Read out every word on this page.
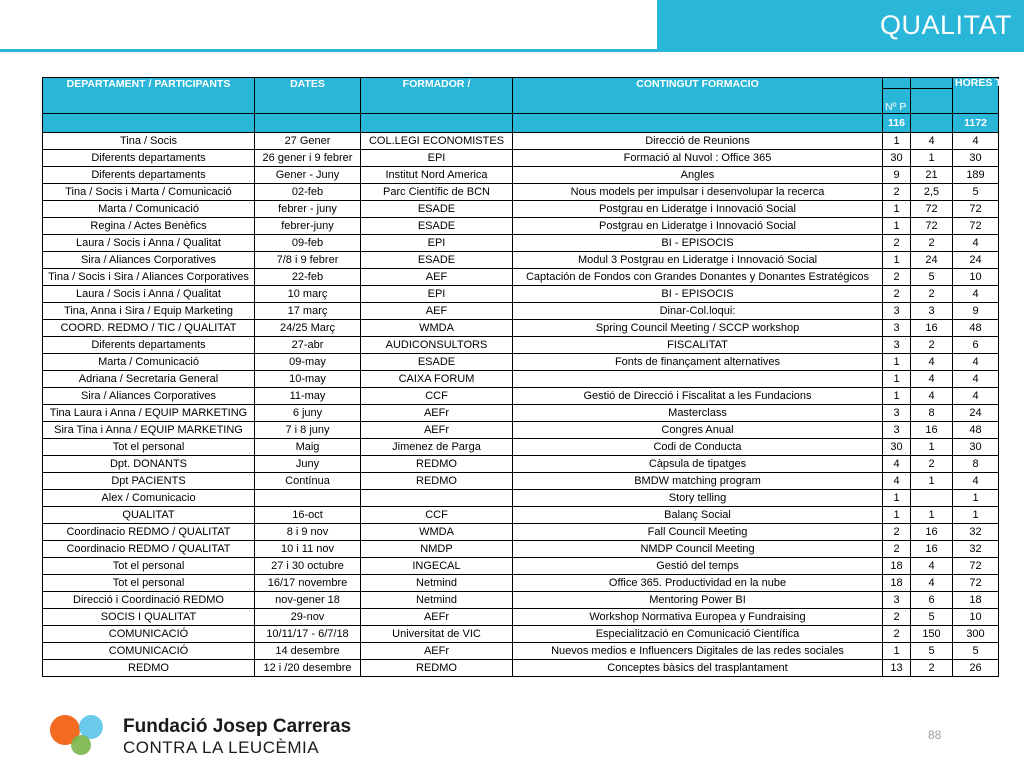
QUALITAT
DEPARTAMENT / PARTICIPANTS	DATES	FORMADOR /	CONTINGUT FORMACIO			HORES TOTALS
				Nº P		
				116		1172
Tina / Socis	27 Gener	COL.LEGI ECONOMISTES	Direcció de Reunions	1	4	4
Diferents departaments	26 gener i 9 febrer	EPI	Formació al Nuvol : Office 365	30	1	30
Diferents departaments	Gener - Juny	Institut Nord America	Angles	9	21	189
Tina / Socis i Marta / Comunicació	02-feb	Parc Científic de BCN	Nous models per impulsar i desenvolupar la recerca	2	2,5	5
Marta / Comunicació	febrer - juny	ESADE	Postgrau en Lideratge i Innovació Social	1	72	72
Regina / Actes Benèfics	febrer-juny	ESADE	Postgrau en Lideratge i Innovació Social	1	72	72
Laura / Socis i Anna / Qualitat	09-feb	EPI	BI - EPISOCIS	2	2	4
Sira / Aliances Corporatives	7/8 i 9 febrer	ESADE	Modul 3 Postgrau en Lideratge i Innovació Social	1	24	24
Tina / Socis i Sira / Aliances Corporatives	22-feb	AEF	Captación de Fondos con Grandes Donantes y Donantes Estratégicos	2	5	10
Laura / Socis i Anna / Qualitat	10 març	EPI	BI - EPISOCIS	2	2	4
Tina, Anna i Sira / Equip Marketing	17 març	AEF	Dinar-Col.loqui:	3	3	9
COORD. REDMO / TIC / QUALITAT	24/25 Març	WMDA	Spring Council Meeting / SCCP workshop	3	16	48
Diferents departaments	27-abr	AUDICONSULTORS	FISCALITAT	3	2	6
Marta / Comunicació	09-may	ESADE	Fonts de finançament alternatives	1	4	4
Adriana / Secretaria General	10-may	CAIXA FORUM		1	4	4
Sira / Aliances Corporatives	11-may	CCF	Gestió de Direcció i Fiscalitat a les Fundacions	1	4	4
Tina Laura i Anna / EQUIP MARKETING	6 juny	AEFr	Masterclass	3	8	24
Sira Tina i Anna / EQUIP MARKETING	7 i 8 juny	AEFr	Congres Anual	3	16	48
Tot el personal	Maig	Jimenez de Parga	Codi de Conducta	30	1	30
Dpt. DONANTS	Juny	REDMO	Càpsula de tipatges	4	2	8
Dpt PACIENTS	Contínua	REDMO	BMDW matching program	4	1	4
Alex / Comunicacio			Story telling	1		1
QUALITAT	16-oct	CCF	Balanç Social	1	1	1
Coordinacio REDMO / QUALITAT	8 i 9 nov	WMDA	Fall Council Meeting	2	16	32
Coordinacio REDMO / QUALITAT	10 i 11 nov	NMDP	NMDP Council Meeting	2	16	32
Tot el personal	27 i 30 octubre	INGECAL	Gestió del temps	18	4	72
Tot el personal	16/17 novembre	Netmind	Office 365. Productividad en la nube	18	4	72
Direcció i Coordinació REDMO	nov-gener 18	Netmind	Mentoring Power BI	3	6	18
SOCIS I QUALITAT	29-nov	AEFr	Workshop Normativa Europea y Fundraising	2	5	10
COMUNICACIÓ	10/11/17 - 6/7/18	Universitat de VIC	Especialització en Comunicació Científica	2	150	300
COMUNICACIÓ	14 desembre	AEFr	Nuevos medios e Influencers Digitales de las redes sociales	1	5	5
REDMO	12 i /20 desembre	REDMO	Conceptes bàsics del trasplantament	13	2	26
Fundació Josep Carreras
CONTRA LA LEUCÈMIA
88
